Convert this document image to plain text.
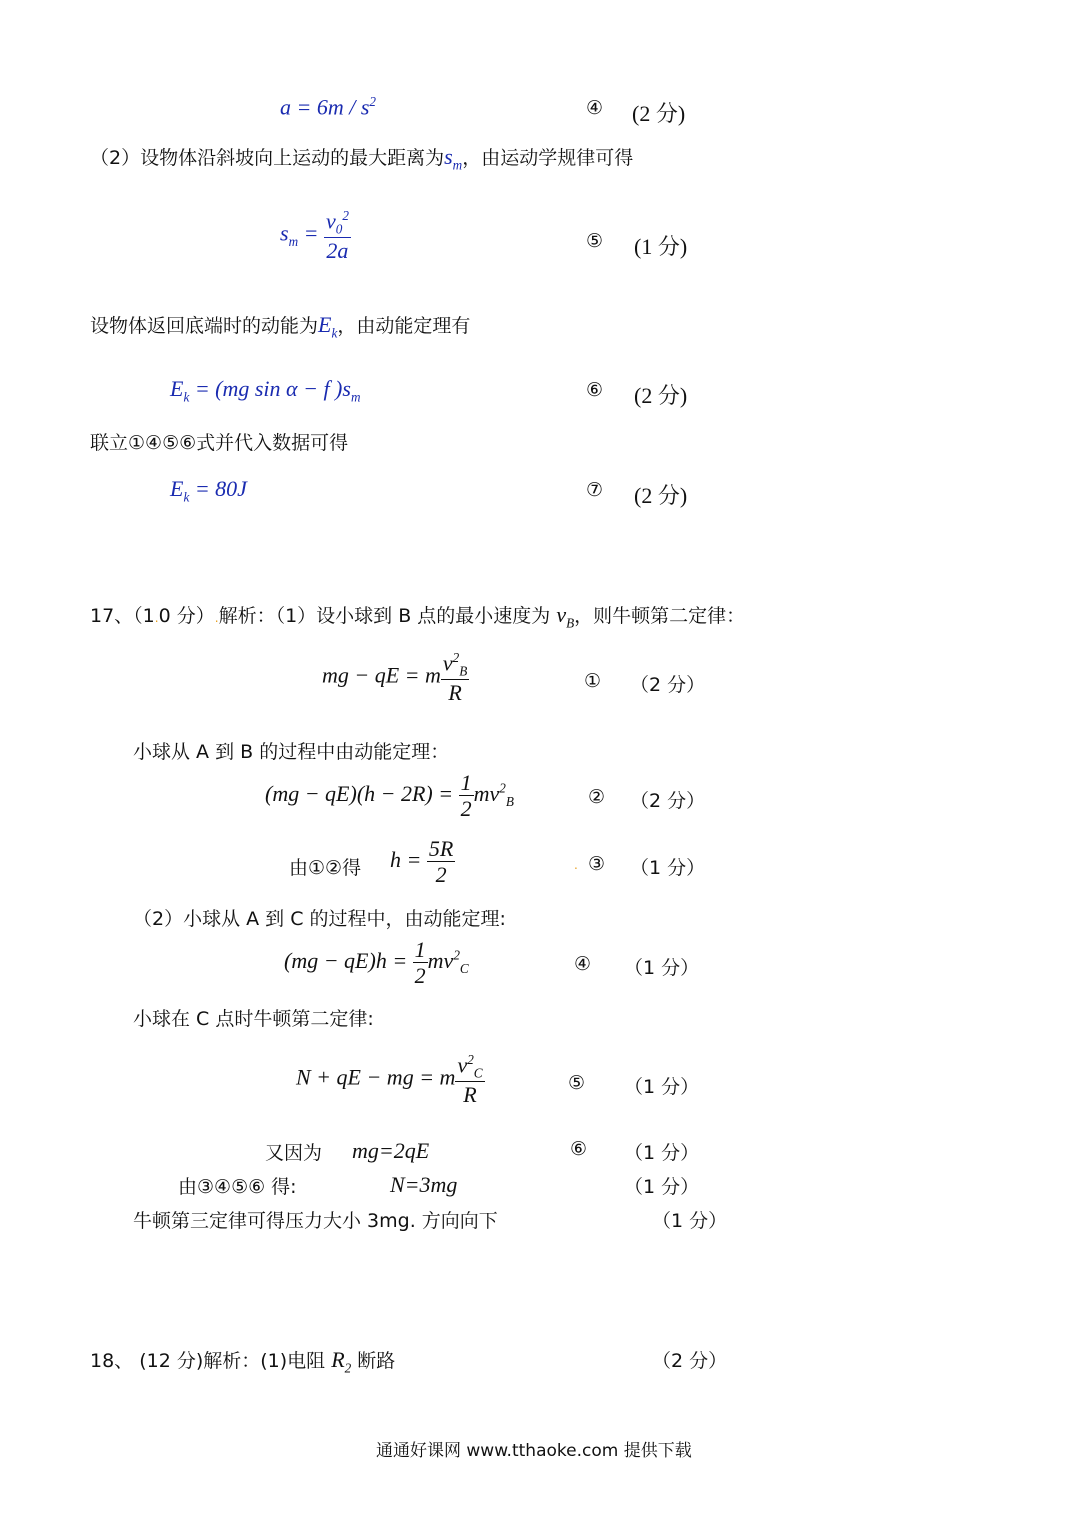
$a = 6m / s^2$	④ (2 分)
（2）设物体沿斜坡向上运动的最大距离为$s_m$，由运动学规律可得
$s_m = \frac{v_0^2}{2a}$	⑤ (1 分)
设物体返回底端时的动能为$E_k$，由动能定理有
$E_k = (mg$ sin α − f )$s_m$	⑥ (2 分)
联立①④⑤⑥式并代入数据可得
$E_k = 80J$	⑦ (2 分)
17、（1.0 分）.解析：（1）设小球到 B 点的最小速度为 $v_B$，则牛顿第二定律：
mg − qE = m $\frac{v^2_B}{R}$	① （2 分）
小球从 A 到 B 的过程中由动能定理：
$(mg - qE)(h - 2R) = \frac{1}{2} mv^2_B$	② （2 分）
由①②得 $h = \frac{5R}{2}$	. ③ （1 分）
（2）小球从 A 到 C 的过程中，由动能定理:
$(mg - qE)h = \frac{1}{2} mv^2_C$	④ （1 分）
小球在 C 点时牛顿第二定律:
N + qE − mg = m $\frac{v^2_C}{R}$	⑤ （1 分）
又因为 mg=2qE	⑥ （1 分）
由③④⑤⑥ 得:	N=3mg	（1 分）
牛顿第三定律可得压力大小 3mg. 方向向下	（1 分）
18、 (12 分)解析：(1)电阻 $R_2$ 断路	（2 分）
通通好课网 www.tthaoke.com 提供下载
